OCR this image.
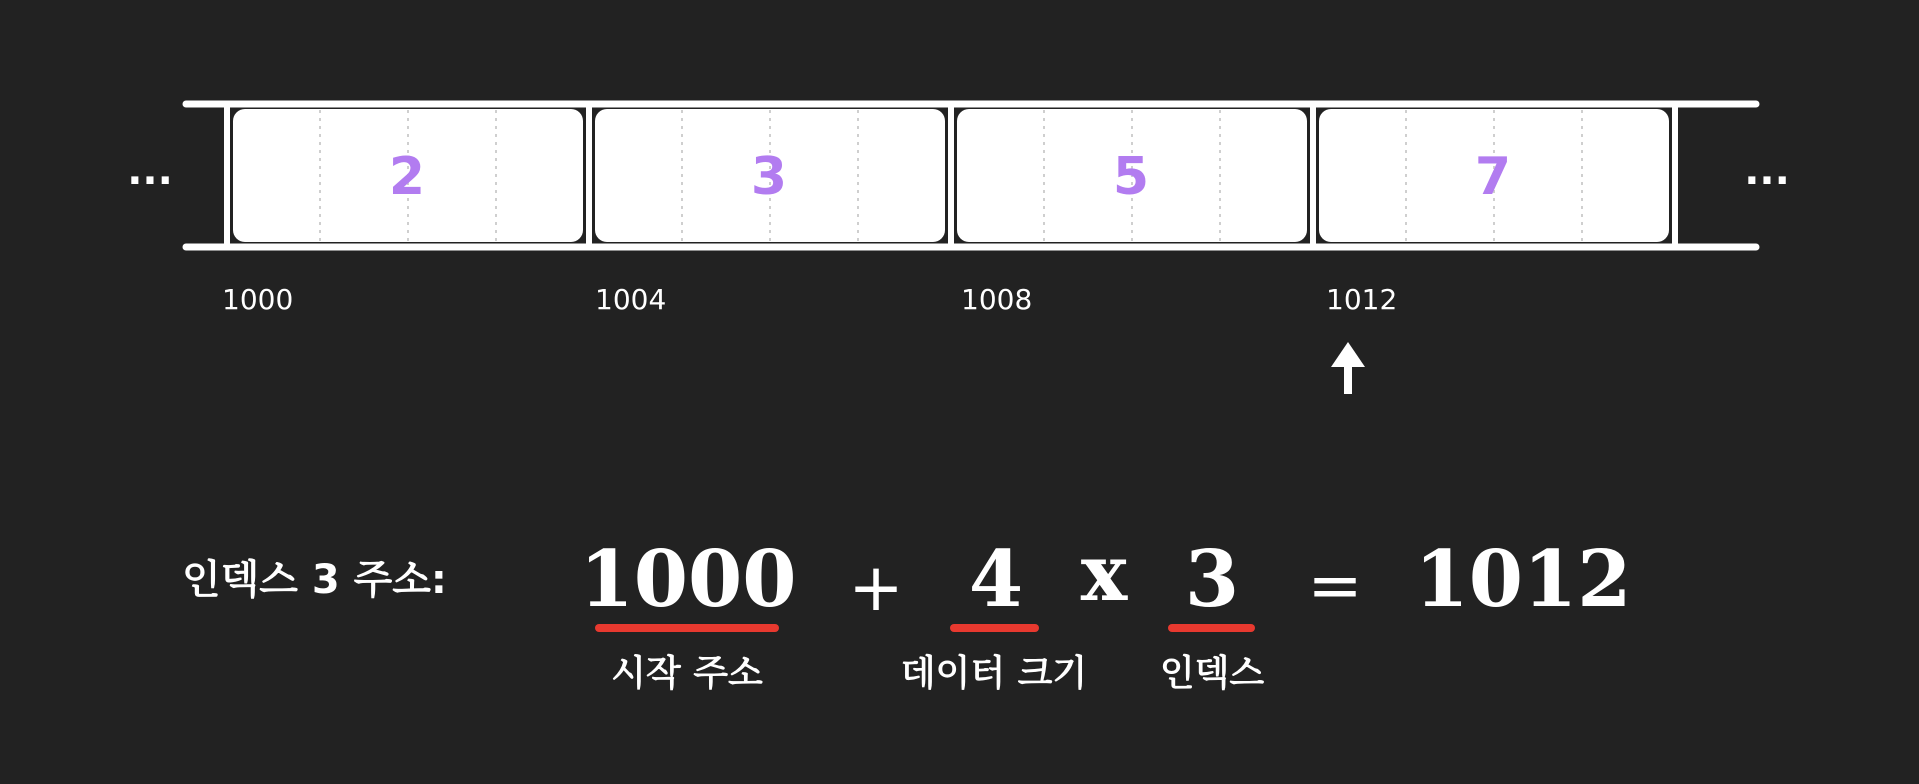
2	3	5	7
...	...
1000	1004	1008	1012
인덱스 3 주소: 1000
시작 주소
+ 4
데이터 크기
x 3
인덱스
= 1012
